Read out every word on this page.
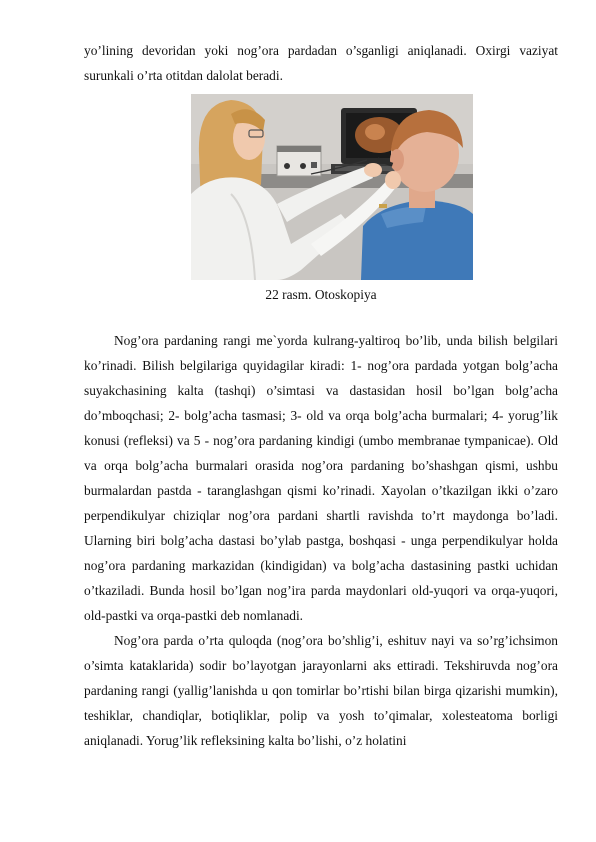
yo’lining devoridan yoki nog’ora pardadan o’sganligi aniqlanadi. Oxirgi vaziyat surunkali o’rta otitdan dalolat beradi.

22 rasm. Otoskopiya

Nog’ora pardaning rangi me`yorda kulrang-yaltiroq bo’lib, unda bilish belgilari ko’rinadi. Bilish belgilariga quyidagilar kiradi: 1- nog’ora pardada yotgan bolg’acha suyakchasining kalta (tashqi) o’simtasi va dastasidan hosil bo’lgan bolg’acha do’mboqchasi; 2- bolg’acha tasmasi; 3- old va orqa bolg’acha burmalari; 4- yorug’lik konusi (refleksi) va 5 - nog’ora pardaning kindigi (umbo membranae tympanicae). Old va orqa bolg’acha burmalari orasida nog’ora pardaning bo’shashgan qismi, ushbu burmalardan pastda - taranglashgan qismi ko’rinadi. Xayolan o’tkazilgan ikki o’zaro perpendikulyar chiziqlar nog’ora pardani shartli ravishda to’rt maydonga bo’ladi. Ularning biri bolg’acha dastasi bo’ylab pastga, boshqasi - unga perpendikulyar holda nog’ora pardaning markazidan (kindigidan) va bolg’acha dastasining pastki uchidan o’tkaziladi. Bunda hosil bo’lgan nog’ira parda maydonlari old-yuqori va orqa-yuqori, old-pastki va orqa-pastki deb nomlanadi.

Nog’ora parda o’rta quloqda (nog’ora bo’shlig’i, eshituv nayi va so’rg’ichsimon o’simta kataklarida) sodir bo’layotgan jarayonlarni aks ettiradi. Tekshiruvda nog’ora pardaning rangi (yallig’lanishda u qon tomirlar bo’rtishi bilan birga qizarishi mumkin), teshiklar, chandiqlar, botiqliklar, polip va yosh to’qimalar, xolesteatoma borligi aniqlanadi. Yorug’lik refleksining kalta bo’lishi, o’z holatini
